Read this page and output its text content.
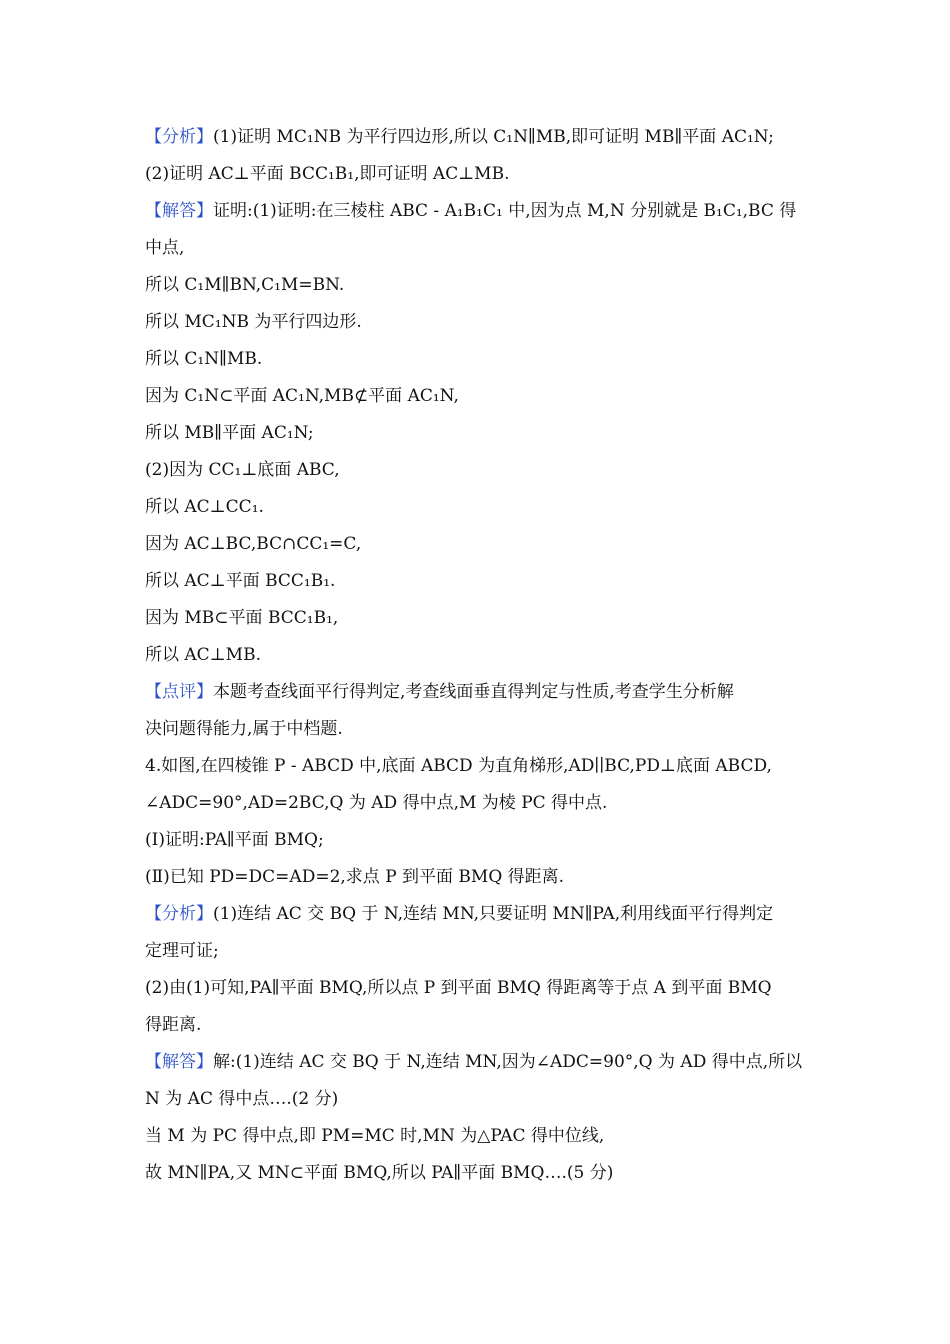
【分析】(1)证明 MC₁NB 为平行四边形,所以 C₁N∥MB,即可证明 MB∥平面 AC₁N;
(2)证明 AC⊥平面 BCC₁B₁,即可证明 AC⊥MB.
【解答】证明:(1)证明:在三棱柱 ABC - A₁B₁C₁ 中,因为点 M,N 分别就是 B₁C₁,BC 得
中点,
所以 C₁M∥BN,C₁M=BN.
所以 MC₁NB 为平行四边形.
所以 C₁N∥MB.
因为 C₁N⊂平面 AC₁N,MB⊄平面 AC₁N,
所以 MB∥平面 AC₁N;
(2)因为 CC₁⊥底面 ABC,
所以 AC⊥CC₁.
因为 AC⊥BC,BC∩CC₁=C,
所以 AC⊥平面 BCC₁B₁.
因为 MB⊂平面 BCC₁B₁,
所以 AC⊥MB.
【点评】本题考查线面平行得判定,考查线面垂直得判定与性质,考查学生分析解
决问题得能力,属于中档题.
4.如图,在四棱锥 P - ABCD 中,底面 ABCD 为直角梯形,AD∣∣BC,PD⊥底面 ABCD,
∠ADC=90°,AD=2BC,Q 为 AD 得中点,M 为棱 PC 得中点.
(Ⅰ)证明:PA∥平面 BMQ;
(Ⅱ)已知 PD=DC=AD=2,求点 P 到平面 BMQ 得距离.
【分析】(1)连结 AC 交 BQ 于 N,连结 MN,只要证明 MN∥PA,利用线面平行得判定
定理可证;
(2)由(1)可知,PA∥平面 BMQ,所以点 P 到平面 BMQ 得距离等于点 A 到平面 BMQ
得距离.
【解答】解:(1)连结 AC 交 BQ 于 N,连结 MN,因为∠ADC=90°,Q 为 AD 得中点,所以
N 为 AC 得中点….(2 分)
当 M 为 PC 得中点,即 PM=MC 时,MN 为△PAC 得中位线,
故 MN∥PA,又 MN⊂平面 BMQ,所以 PA∥平面 BMQ….(5 分)
